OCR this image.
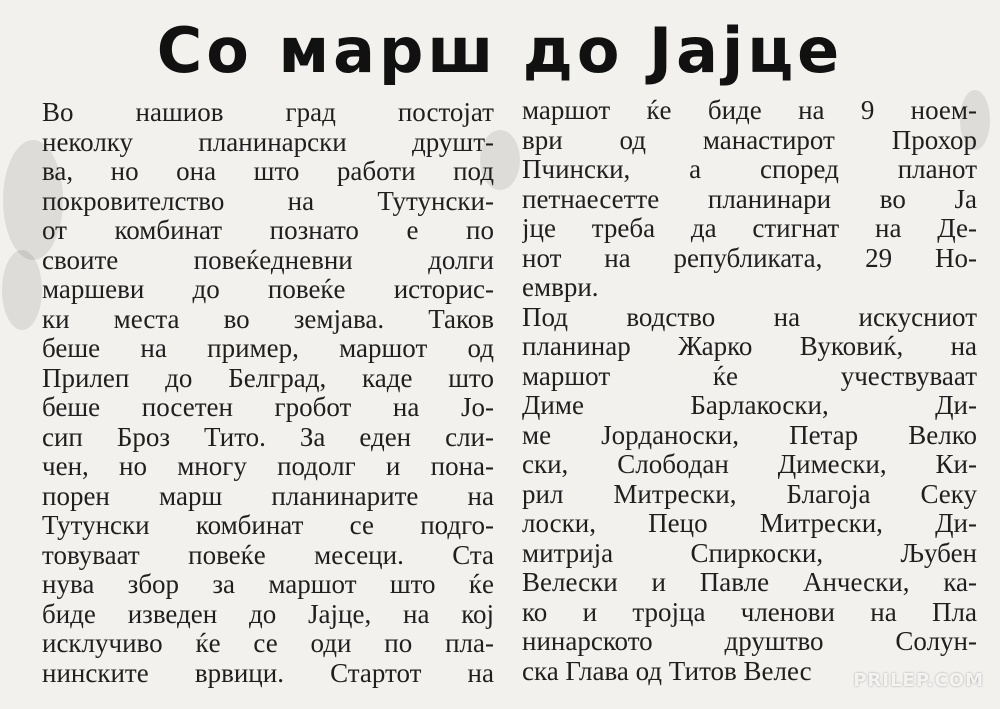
Со марш до Јајце
Во нашиов град постојат
неколку планинарски друшт-
ва, но она што работи под
покровителство на Тутунски-
от комбинат познато е по
своите повеќедневни долги
маршеви до повеќе историс-
ки места во земјава. Таков
беше на пример, маршот од
Прилеп до Белград, каде што
беше посетен гробот на Јо-
сип Броз Тито. За еден сли-
чен, но многу подолг и пона-
порен марш планинарите на
Тутунски комбинат се подго-
товуваат повеќе месеци. Ста
нува збор за маршот што ќе
биде изведен до Јајце, на кој
исклучиво ќе се оди по пла-
нинските врвици. Стартот на
маршот ќе биде на 9 ноем-
ври од манастирот Прохор
Пчински, а според планот
петнаесетте планинари во Ја
јце треба да стигнат на Де-
нот на републиката, 29 Но-
ември.
Под водство на искусниот
планинар Жарко Вуковиќ, на
маршот ќе учествуваат
Диме Барлакоски, Ди-
ме Јордaноски, Петар Велко
ски, Слободан Димески, Ки-
рил Митрески, Благоја Секу
лоски, Пецо Митрески, Ди-
митрија Спиркоски, Љубен
Велески и Павле Анчески, ка-
ко и тројца членови на Пла
нинарското друштво Солун-
ска Глава од Титов Велес	PRILEP.COM
